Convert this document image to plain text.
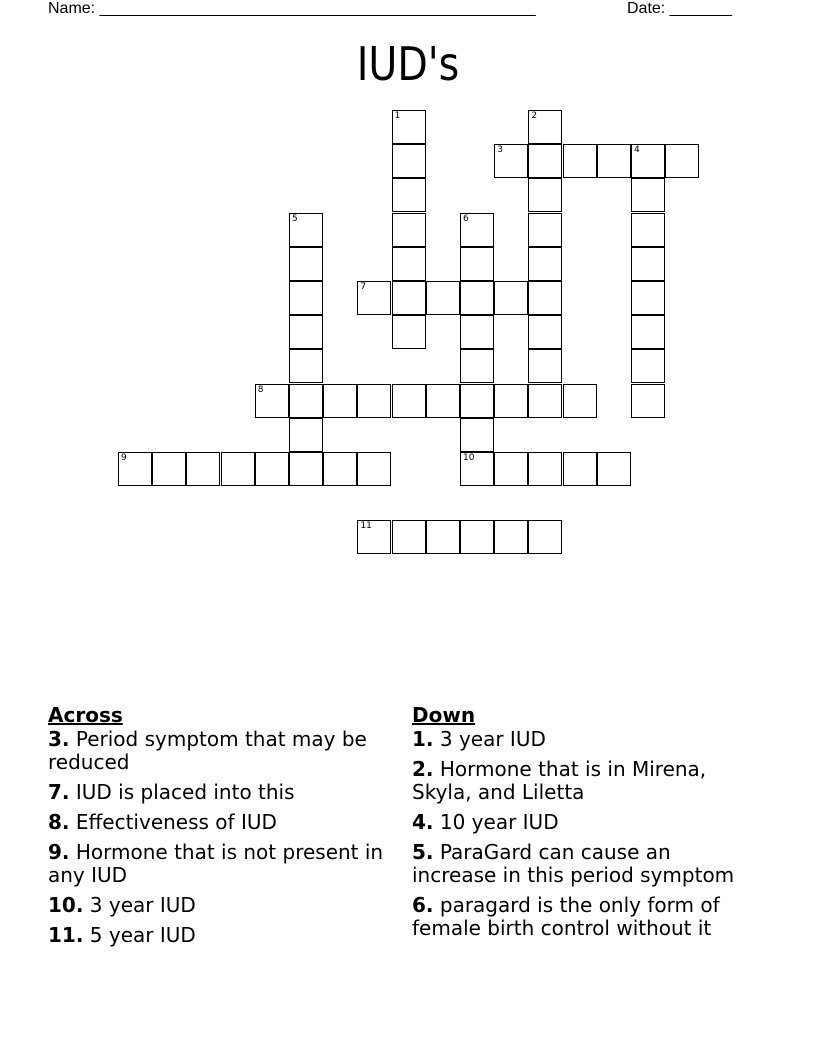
Name: _________________________________________________	Date: _______
IUD's
1	2
3	4
5	6
10
7
8
9
11
Across
3. Period symptom that may be reduced
7. IUD is placed into this
8. Effectiveness of IUD
9. Hormone that is not present in any IUD
10. 3 year IUD
11. 5 year IUD
Down
1. 3 year IUD
2. Hormone that is in Mirena, Skyla, and Liletta
4. 10 year IUD
5. ParaGard can cause an increase in this period symptom
6. paragard is the only form of female birth control without it
